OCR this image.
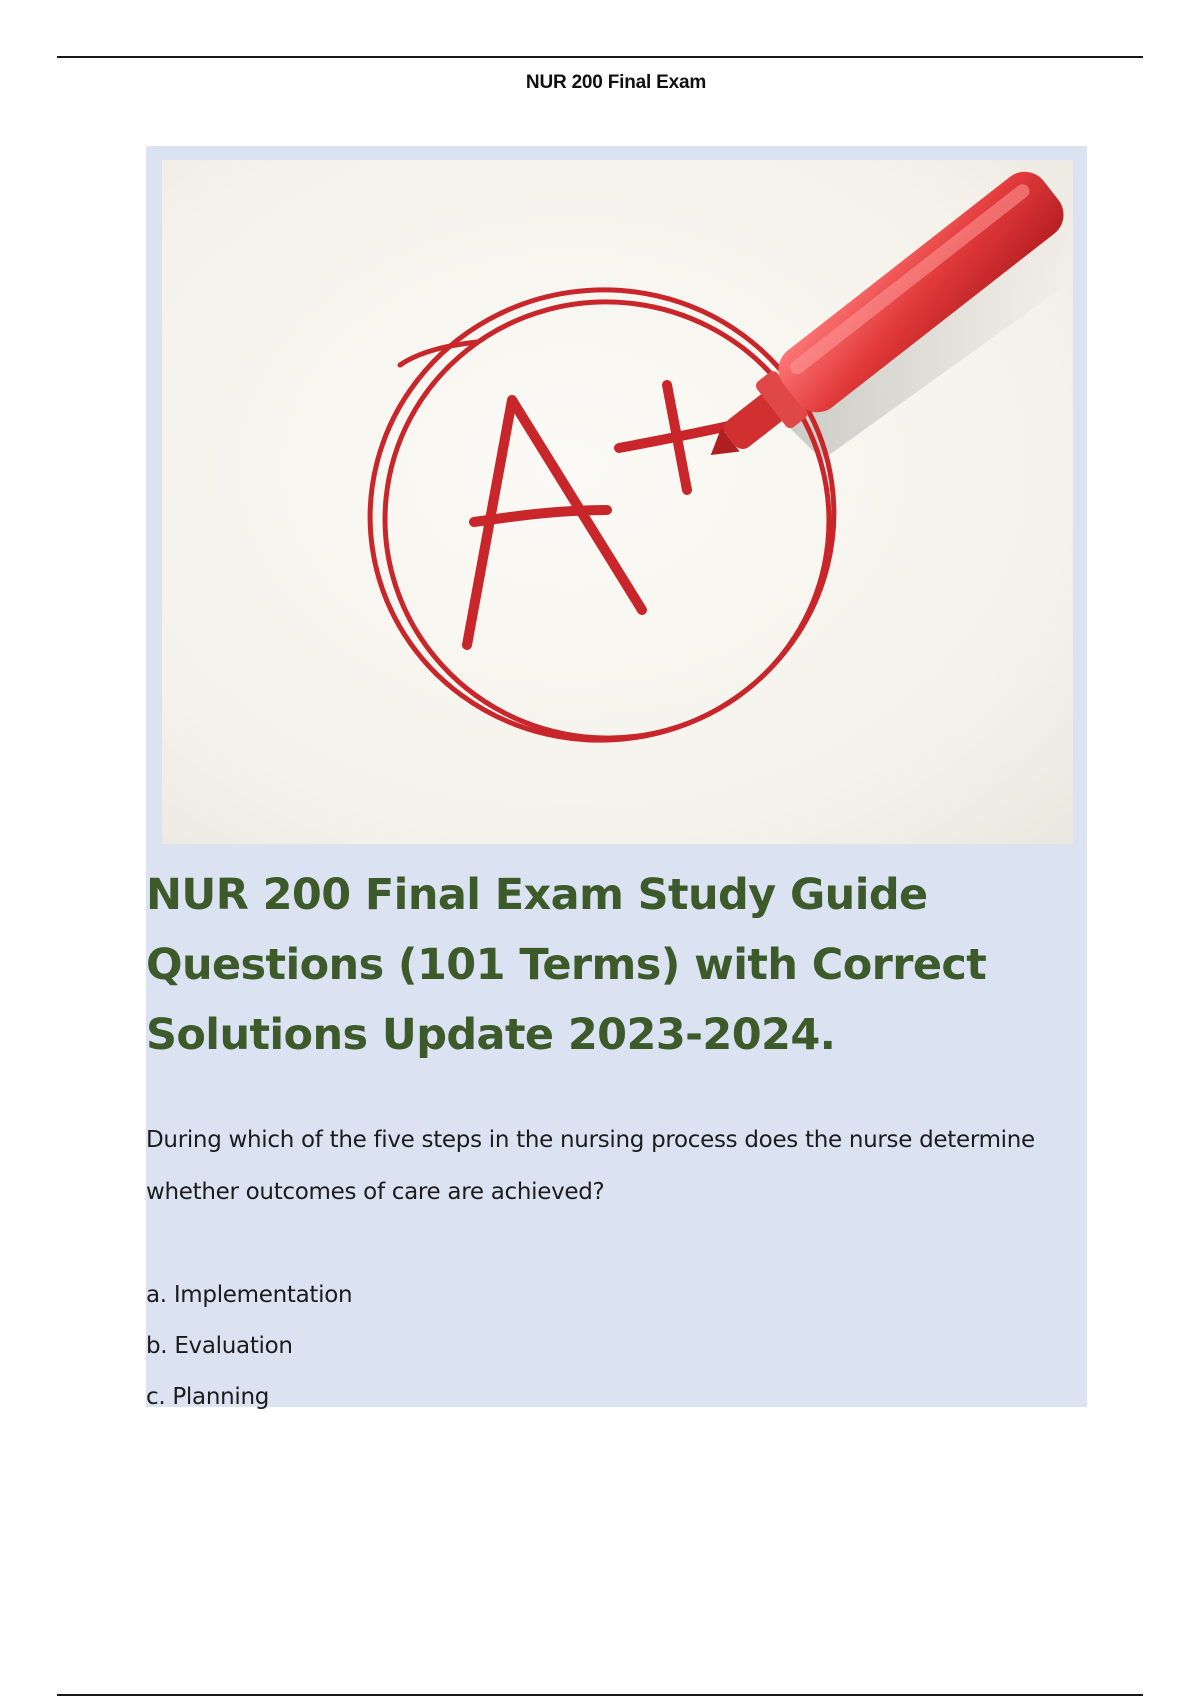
NUR 200 Final Exam
NUR 200 Final Exam Study Guide
Questions (101 Terms) with Correct
Solutions Update 2023-2024.

During which of the five steps in the nursing process does the nurse determine
whether outcomes of care are achieved?

a. Implementation
b. Evaluation
c. Planning
